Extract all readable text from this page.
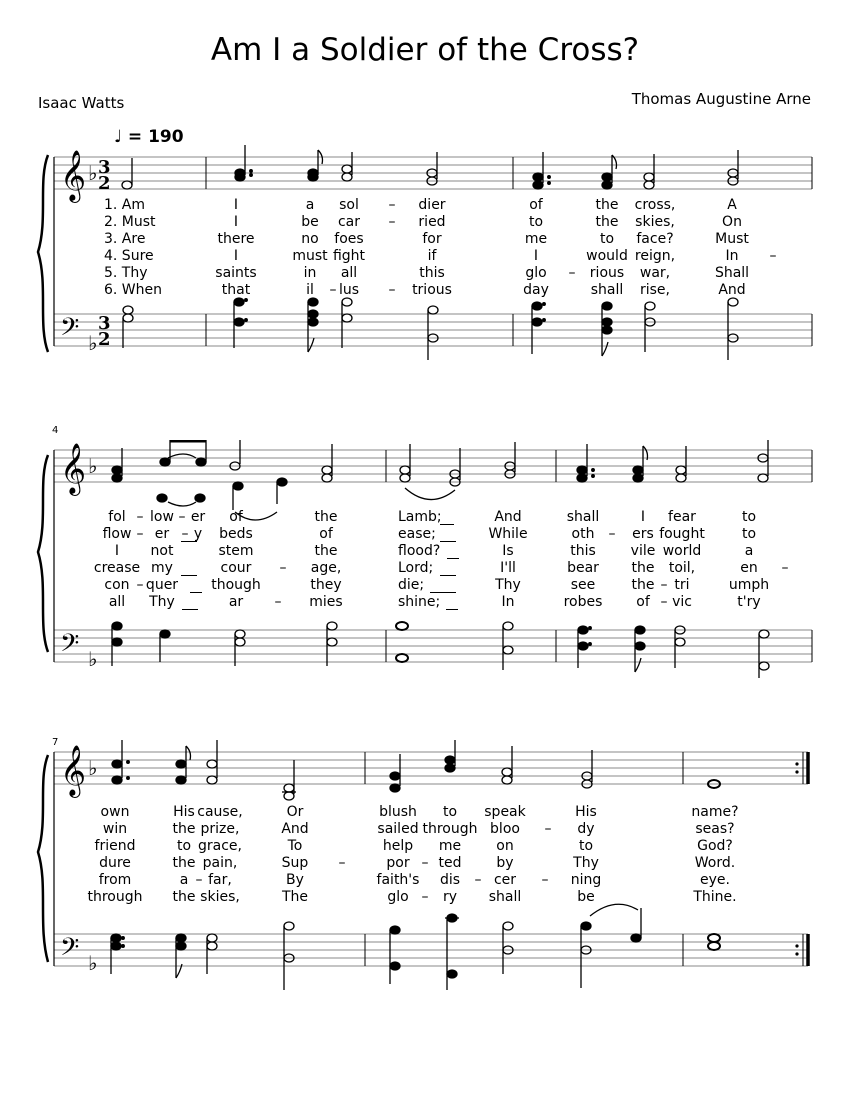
Am I a Soldier of the Cross?
Isaac Watts	Thomas Augustine Arne
♩ = 190
4
7
𝄞 ♭ 3
2
𝄢 ♭
3
2
𝄞 ♭
𝄢 ♭
𝄞 ♭
𝄢 ♭
1. Am
2. Must
3. Are
4. Sure
5. Thy
6. When
I
I
there
I
saints
that
a
be
no
must
in
il
sol
car
foes
fight
all
lus
–
–

–
dier
ried
for
if
this
trious
of
to
me
I
glo
day
the
the
to
would
rious
shall
cross,
skies,
face?
reign,
war,
rise,
A
On
Must
In
Shall
And
–
–
–
fol
flow
I
crease
con
all
low
er
not
my
quer
Thy
er
y

of
beds
stem
cour
though
ar
the
of
the
age,
they
mies
Lamb;
ease;
flood?
Lord;
die;
shine;
And
While
Is
I'll
Thy
In
shall
oth
this
bear
see
robes
I
ers
vile
the
the
of
fear
fought
world
toil,
tri
vic
to
to
a
en
umph
t'ry
–	–
–	–
–
–
–
–
–
–
–
own
win
friend
dure
from
through
His
the
to
the
a
the
cause,
prize,
grace,
pain,
far,
skies,
Or
And
To
Sup
By
The
blush
sailed
help
por
faith's
glo
to
through
me
ted
dis
ry
speak
bloo
on
by
cer
shall
His
dy
to
Thy
ning
be
name?
seas?
God?
Word.
eye.
Thine.
–
–
–
–
–	–
–
